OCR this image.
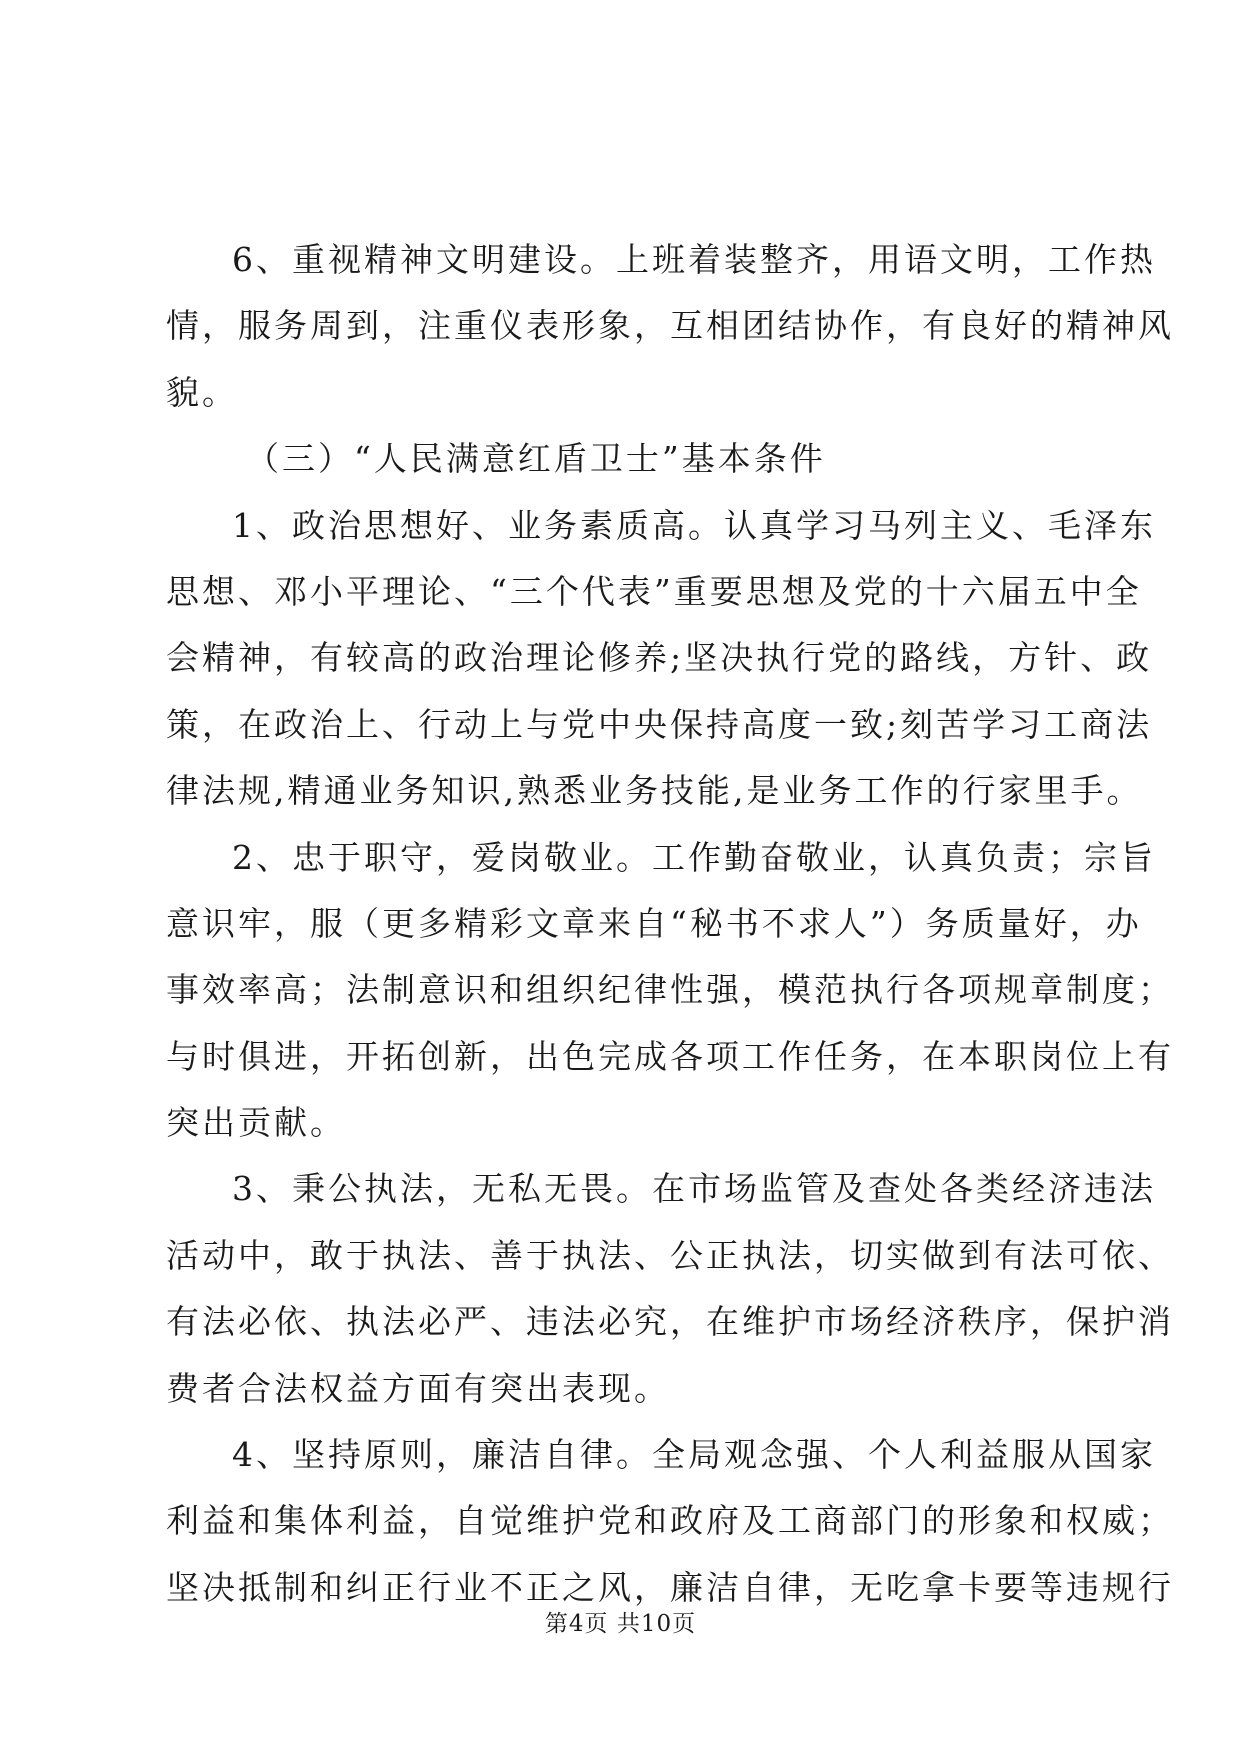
6、重视精神文明建设。上班着装整齐，用语文明，工作热
情，服务周到，注重仪表形象，互相团结协作，有良好的精神风
貌。
（三）“人民满意红盾卫士”基本条件
1、政治思想好、业务素质高。认真学习马列主义、毛泽东
思想、邓小平理论、“三个代表”重要思想及党的十六届五中全
会精神，有较高的政治理论修养;坚决执行党的路线，方针、政
策，在政治上、行动上与党中央保持高度一致;刻苦学习工商法
律法规,精通业务知识,熟悉业务技能,是业务工作的行家里手。
2、忠于职守，爱岗敬业。工作勤奋敬业，认真负责；宗旨
意识牢，服（更多精彩文章来自“秘书不求人”）务质量好，办
事效率高；法制意识和组织纪律性强，模范执行各项规章制度；
与时俱进，开拓创新，出色完成各项工作任务，在本职岗位上有
突出贡献。
3、秉公执法，无私无畏。在市场监管及查处各类经济违法
活动中，敢于执法、善于执法、公正执法，切实做到有法可依、
有法必依、执法必严、违法必究，在维护市场经济秩序，保护消
费者合法权益方面有突出表现。
4、坚持原则，廉洁自律。全局观念强、个人利益服从国家
利益和集体利益，自觉维护党和政府及工商部门的形象和权威；
坚决抵制和纠正行业不正之风，廉洁自律，无吃拿卡要等违规行
第4页 共10页
